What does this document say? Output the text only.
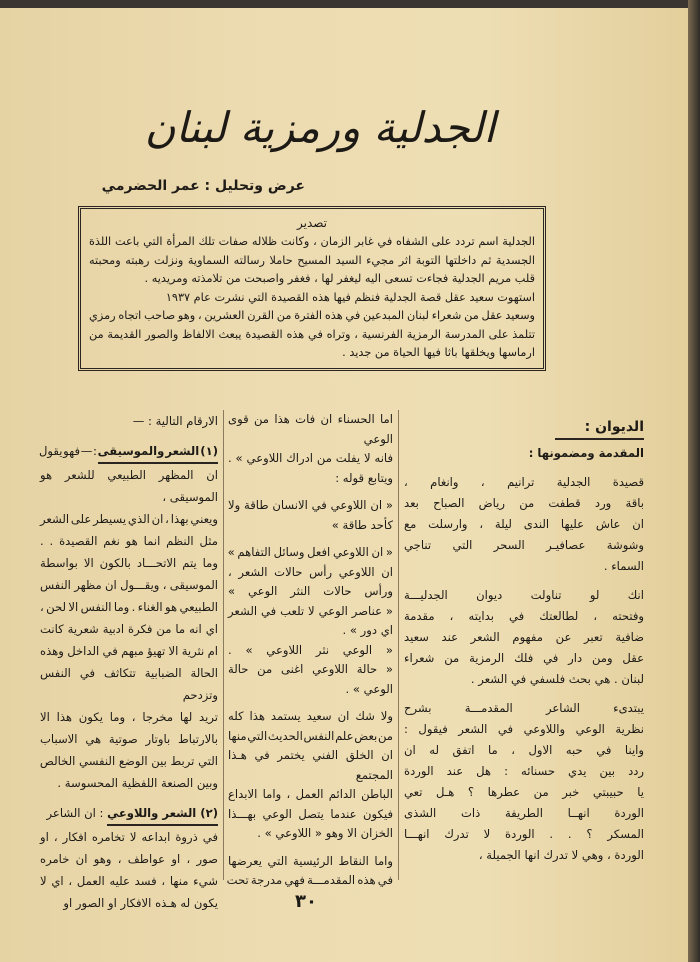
الجدلية ورمزية لبنان
عرض وتحليل : عمر الحضرمي
تصدير
الجدلية اسم تردد على الشفاه في غابر الزمان ، وكانت ظلاله صفات تلك المرأة التي باعت اللذة
الجسدية ثم داخلتها التوبة اثر مجيء السيد المسيح حاملا رسالته السماوية ونزلت رهبته ومحبته
قلب مريم الجدلية فجاءت تسعى اليه ليغفر لها ، فغفر واصبحت من تلامذته ومريديه .
استهوت سعيد عقل قصة الجدلية فنظم فيها هذه القصيدة التي نشرت عام ١٩٣٧
وسعيد عقل من شعراء لبنان المبدعين في هذه الفترة من القرن العشرين ، وهو صاحب اتجاه رمزي
تتلمذ على المدرسة الرمزية الفرنسية ، وتراه في هذه القصيدة يبعث الالفاظ والصور القديمة من
ارماسها ويخلقها باثا فيها الحياة من جديد .
الديوان :
المقدمة ومضمونها :
قصيدة الجدلية ترانيم ، وانغام ،
باقة ورد قطفت من رياض الصباح بعد
ان عاش عليها الندى ليلة ، وارسلت مع
وشوشة عصافيـر السحر التي تناجي
السماء .
انك لو تناولت ديوان الجدليـــة
وفتحته ، لطالعتك في بدايته ، مقدمة
ضافية تعبر عن مفهوم الشعر عند سعيد
عقل ومن دار في فلك الرمزية من شعراء
لبنان . هي بحث فلسفي في الشعر .
يبتدىء الشاعر المقدمـــة بشرح
نظرية الوعي واللاوعي في الشعر فيقول :
واينا في حبه الاول ، ما اتفق له ان
ردد بين يدي حسنائه : هل عند الوردة
يا حبيبتي خبر من عطرها ؟ هـل تعي
الوردة انهــا الطريفة ذات الشذى
المسكر ؟ . . الوردة لا تدرك انهـــا
الوردة ، وهي لا تدرك انها الجميلة ،
اما الحسناء ان فات هذا من قوى الوعي
فانه لا يفلت من ادراك اللاوعي » .
ويتابع قوله :
« ان اللاوعي في الانسان طاقة ولا
كأحد طاقة »
« ان اللاوعي افعل وسائل التفاهم »
ان اللاوعي رأس حالات الشعر ،
ورأس حالات النثر الوعي »
« عناصر الوعي لا تلعب في الشعر
اي دور » .
« الوعي نثر اللاوعي » .
« حالة اللاوعي اغنى من حالة الوعي » .
ولا شك ان سعيد يستمد هذا كله
من بعض علم النفس الحديث التي منها
ان الخلق الفني يختمر في هـذا المجتمع
الباطن الدائم العمل ، واما الابداع
فيكون عندما يتصل الوعي بهـــذا
الخزان الا وهو « اللاوعي » .
واما النقاط الرئيسية التي يعرضها
في هذه المقدمـــة فهي مدرجة تحت
الارقام التالية : —
(١) الشعر والموسيقى : — فهو يقول
ان المظهر الطبيعي للشعر هو الموسيقى ،
ويعني بهذا ، ان الذي يسيطر على الشعر
مثل النظم انما هو نغم القصيدة . .
وما يتم الاتحـــاد بالكون الا بواسطة
الموسيقى ، ويقـــول ان مظهر النفس
الطبيعي هو الغناء . وما النفس الا لحن ،
اي انه ما من فكرة ادبية شعرية كانت
ام نثرية الا تهيؤ مبهم في الداخل وهذه
الحالة الضبابية تتكاثف في النفس وتزدحم
تريد لها مخرجا ، وما يكون هذا الا
بالارتباط باوتار صوتية هي الاسباب
التي تربط بين الوضع النفسي الخالص
وبين الصنعة اللفظية المحسوسة .
(٢) الشعر واللاوعي : ان الشاعر
في ذروة ابداعه لا تخامره افكار ، او
صور ، او عواطف ، وهو ان خامره
شيء منها ، فسد عليه العمل ، اي لا
يكون له هـذه الافكار او الصور او	٣٠
